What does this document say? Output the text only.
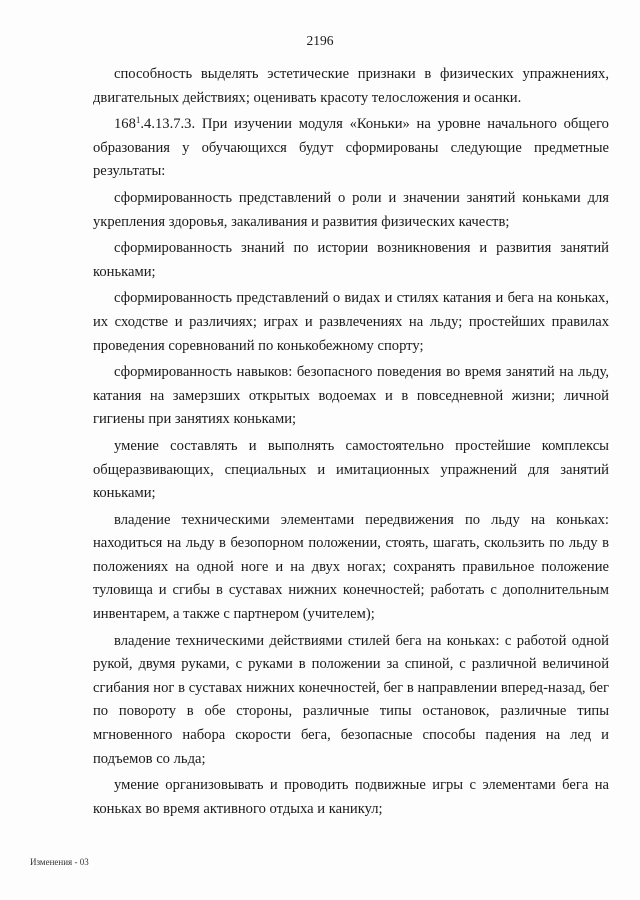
2196

способность выделять эстетические признаки в физических упражнениях, двигательных действиях; оценивать красоту телосложения и осанки.

$168^1.4.13.7.3$. При изучении модуля «Коньки» на уровне начального общего образования у обучающихся будут сформированы следующие предметные результаты:

сформированность представлений о роли и значении занятий коньками для укрепления здоровья, закаливания и развития физических качеств;

сформированность знаний по истории возникновения и развития занятий коньками;

сформированность представлений о видах и стилях катания и бега на коньках, их сходстве и различиях; играх и развлечениях на льду; простейших правилах проведения соревнований по конькобежному спорту;

сформированность навыков: безопасного поведения во время занятий на льду, катания на замерзших открытых водоемах и в повседневной жизни; личной гигиены при занятиях коньками;

умение составлять и выполнять самостоятельно простейшие комплексы общеразвивающих, специальных и имитационных упражнений для занятий коньками;

владение техническими элементами передвижения по льду на коньках: находиться на льду в безопорном положении, стоять, шагать, скользить по льду в положениях на одной ноге и на двух ногах; сохранять правильное положение туловища и сгибы в суставах нижних конечностей; работать с дополнительным инвентарем, а также с партнером (учителем);

владение техническими действиями стилей бега на коньках: с работой одной рукой, двумя руками, с руками в положении за спиной, с различной величиной сгибания ног в суставах нижних конечностей, бег в направлении вперед-назад, бег по повороту в обе стороны, различные типы остановок, различные типы мгновенного набора скорости бега, безопасные способы падения на лед и подъемов со льда;

умение организовывать и проводить подвижные игры с элементами бега на коньках во время активного отдыха и каникул;

Изменения - 03
